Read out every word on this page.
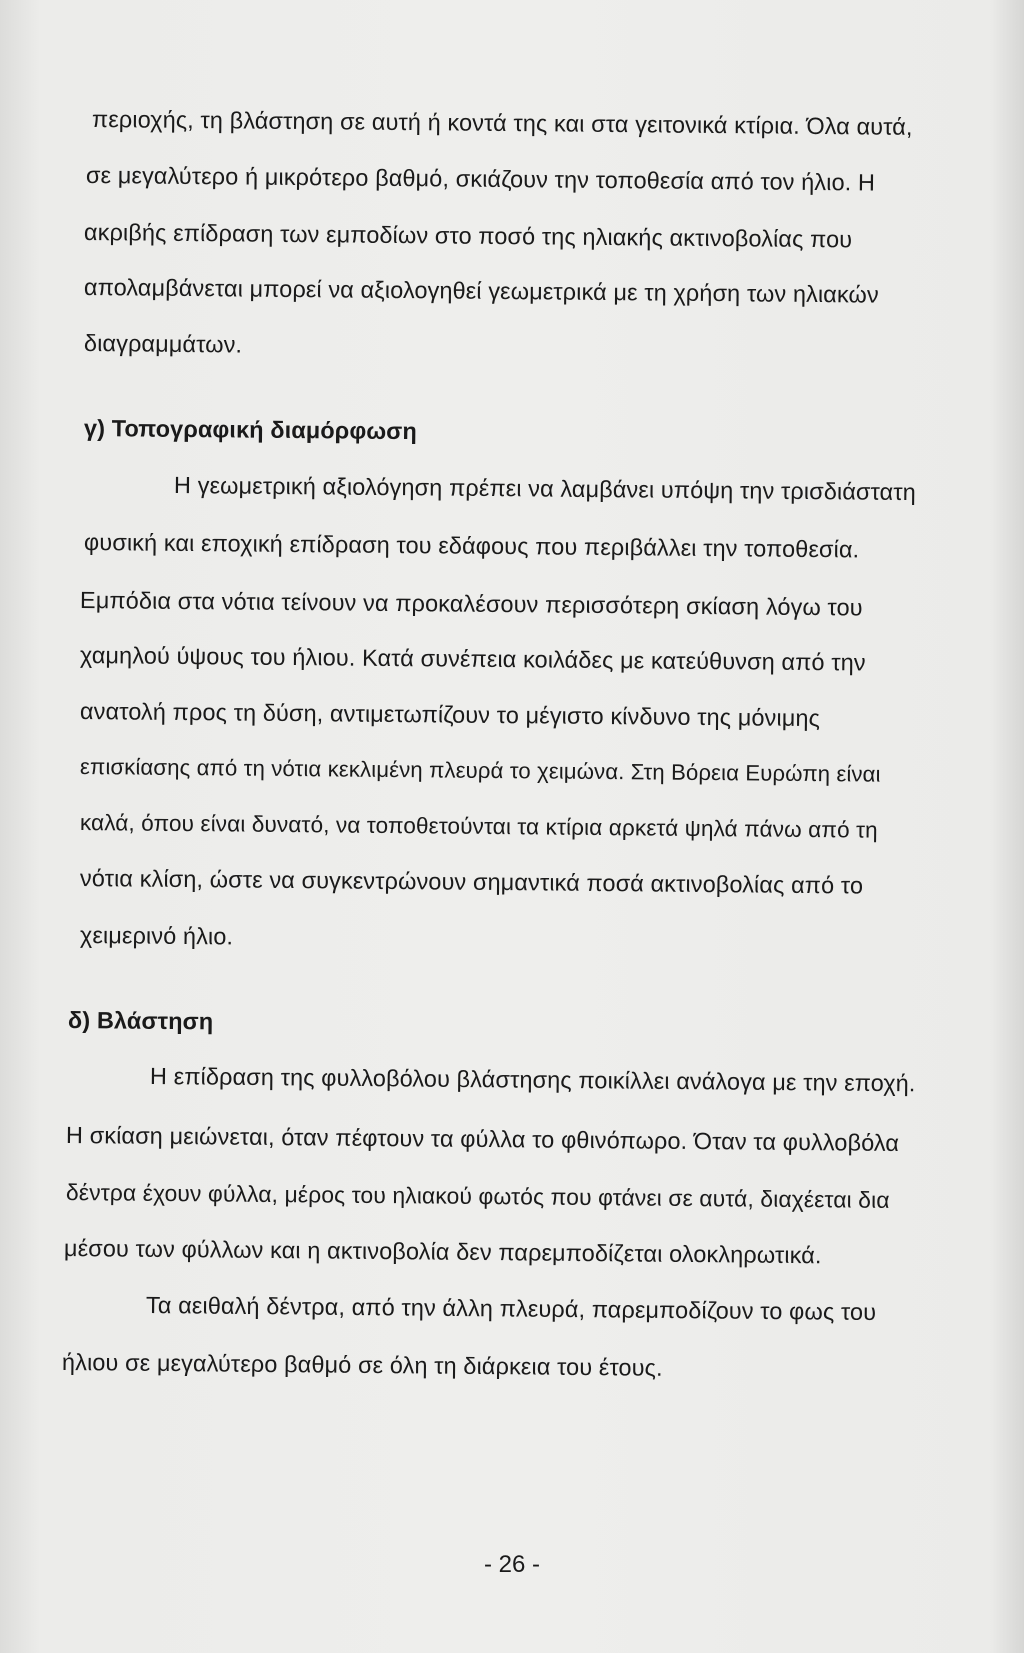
περιοχής, τη βλάστηση σε αυτή ή κοντά της και στα γειτονικά κτίρια. Όλα αυτά,
σε μεγαλύτερο ή μικρότερο βαθμό, σκιάζουν την τοποθεσία από τον ήλιο. Η
ακριβής επίδραση των εμποδίων στο ποσό της ηλιακής ακτινοβολίας που
απολαμβάνεται μπορεί να αξιολογηθεί γεωμετρικά με τη χρήση των ηλιακών
διαγραμμάτων.
γ) Τοπογραφική διαμόρφωση
Η γεωμετρική αξιολόγηση πρέπει να λαμβάνει υπόψη την τρισδιάστατη
φυσική και εποχική επίδραση του εδάφους που περιβάλλει την τοποθεσία.
Εμπόδια στα νότια τείνουν να προκαλέσουν περισσότερη σκίαση λόγω του
χαμηλού ύψους του ήλιου. Κατά συνέπεια κοιλάδες με κατεύθυνση από την
ανατολή προς τη δύση, αντιμετωπίζουν το μέγιστο κίνδυνο της μόνιμης
επισκίασης από τη νότια κεκλιμένη πλευρά το χειμώνα. Στη Βόρεια Ευρώπη είναι
καλά, όπου είναι δυνατό, να τοποθετούνται τα κτίρια αρκετά ψηλά πάνω από τη
νότια κλίση, ώστε να συγκεντρώνουν σημαντικά ποσά ακτινοβολίας από το
χειμερινό ήλιο.
δ) Βλάστηση
Η επίδραση της φυλλοβόλου βλάστησης ποικίλλει ανάλογα με την εποχή.
Η σκίαση μειώνεται, όταν πέφτουν τα φύλλα το φθινόπωρο. Όταν τα φυλλοβόλα
δέντρα έχουν φύλλα, μέρος του ηλιακού φωτός που φτάνει σε αυτά, διαχέεται δια
μέσου των φύλλων και η ακτινοβολία δεν παρεμποδίζεται ολοκληρωτικά.
Τα αειθαλή δέντρα, από την άλλη πλευρά, παρεμποδίζουν το φως του
ήλιου σε μεγαλύτερο βαθμό σε όλη τη διάρκεια του έτους.
- 26 -
